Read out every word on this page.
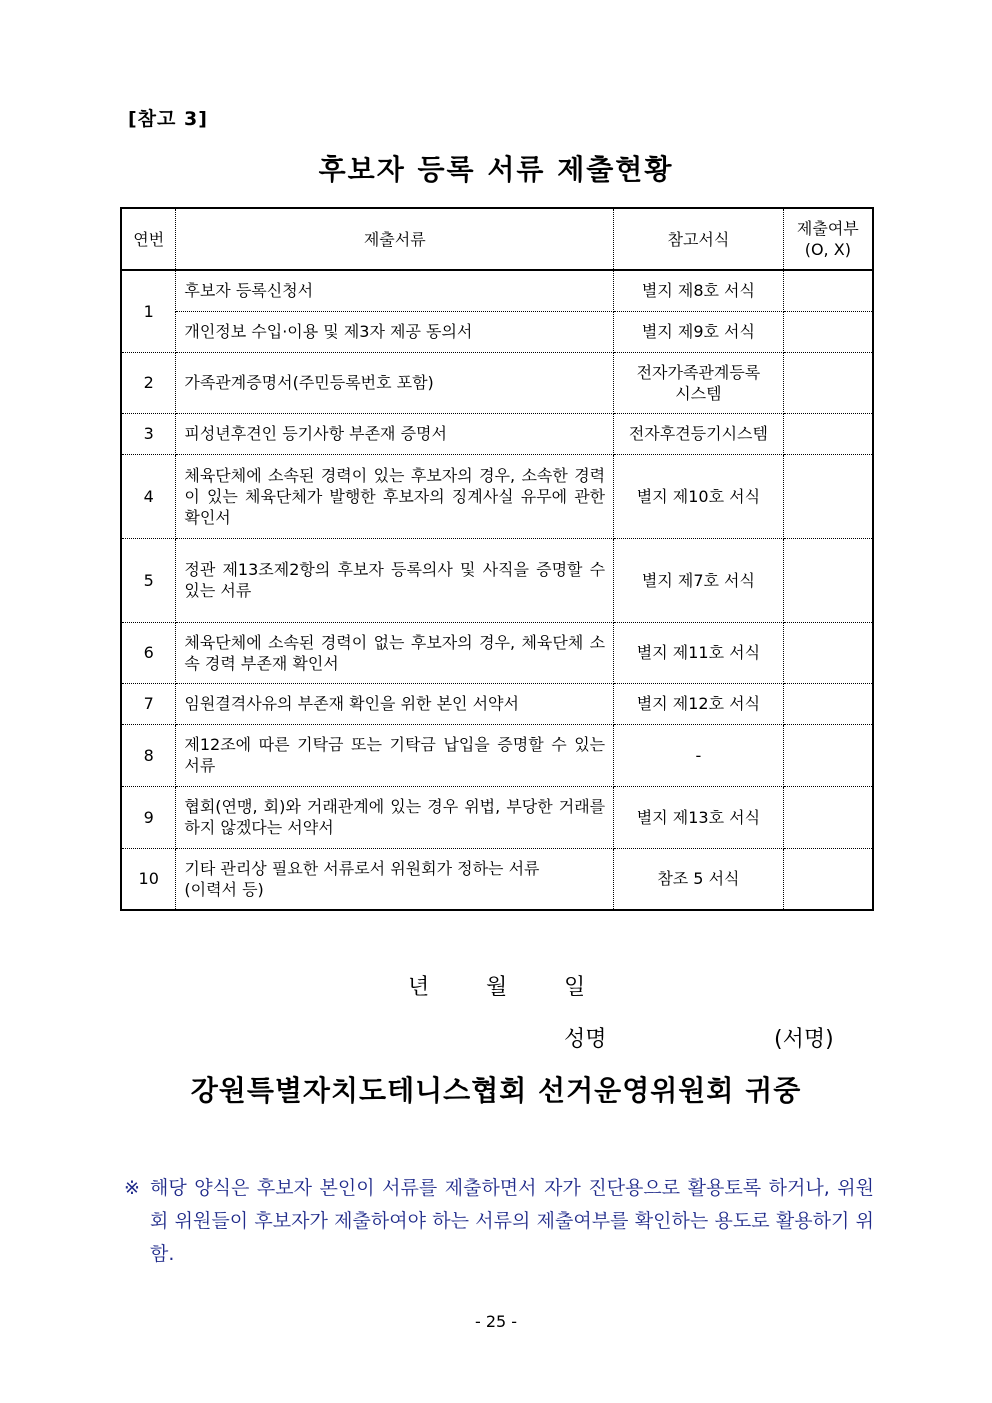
[참고 3]
후보자 등록 서류 제출현황
연번	제출서류	참고서식	제출여부
(O, X)
1	후보자 등록신청서	별지 제8호 서식	
	개인정보 수입·이용 및 제3자 제공 동의서	별지 제9호 서식	
2	가족관계증명서(주민등록번호 포함)	전자가족관계등록
시스템	
3	피성년후견인 등기사항 부존재 증명서	전자후견등기시스템	
4	체육단체에 소속된 경력이 있는 후보자의 경우, 소속한 경력이 있는 체육단체가 발행한 후보자의 징계사실 유무에 관한 확인서	별지 제10호 서식	
5	정관 제13조제2항의 후보자 등록의사 및 사직을 증명할 수 있는 서류	별지 제7호 서식	
6	체육단체에 소속된 경력이 없는 후보자의 경우, 체육단체 소속 경력 부존재 확인서	별지 제11호 서식	
7	임원결격사유의 부존재 확인을 위한 본인 서약서	별지 제12호 서식	
8	제12조에 따른 기탁금 또는 기탁금 납입을 증명할 수 있는 서류	-	
9	협회(연맹, 회)와 거래관계에 있는 경우 위법, 부당한 거래를 하지 않겠다는 서약서	별지 제13호 서식	
10	기타 관리상 필요한 서류로서 위원회가 정하는 서류
(이력서 등)	참조 5 서식	
년	월	일
성명	(서명)
강원특별자치도테니스협회 선거운영위원회 귀중
※ 해당 양식은 후보자 본인이 서류를 제출하면서 자가 진단용으로 활용토록 하거나, 위원회 위원들이 후보자가 제출하여야 하는 서류의 제출여부를 확인하는 용도로 활용하기 위함.
- 25 -
